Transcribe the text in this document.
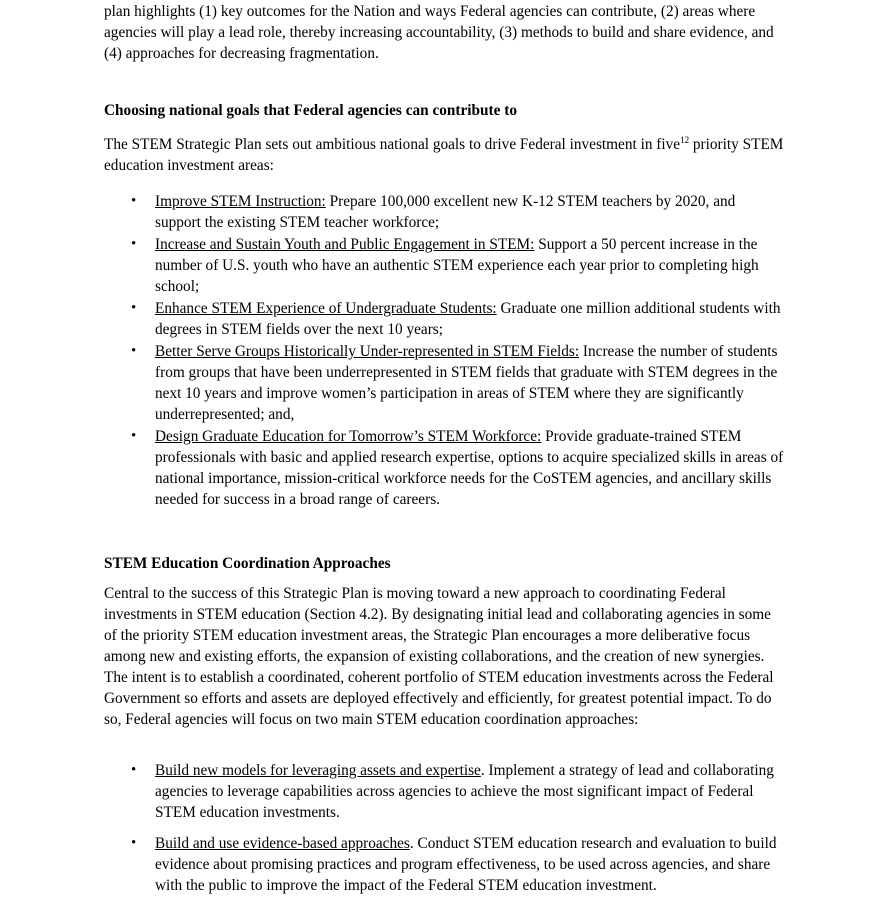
plan highlights (1) key outcomes for the Nation and ways Federal agencies can contribute, (2) areas where agencies will play a lead role, thereby increasing accountability, (3) methods to build and share evidence, and (4) approaches for decreasing fragmentation.

Choosing national goals that Federal agencies can contribute to

The STEM Strategic Plan sets out ambitious national goals to drive Federal investment in five$^{12}$ priority STEM education investment areas:

• Improve STEM Instruction: Prepare 100,000 excellent new K-12 STEM teachers by 2020, and support the existing STEM teacher workforce;
• Increase and Sustain Youth and Public Engagement in STEM: Support a 50 percent increase in the number of U.S. youth who have an authentic STEM experience each year prior to completing high school;
• Enhance STEM Experience of Undergraduate Students: Graduate one million additional students with degrees in STEM fields over the next 10 years;
• Better Serve Groups Historically Under-represented in STEM Fields: Increase the number of students from groups that have been underrepresented in STEM fields that graduate with STEM degrees in the next 10 years and improve women’s participation in areas of STEM where they are significantly underrepresented; and,
• Design Graduate Education for Tomorrow’s STEM Workforce: Provide graduate-trained STEM professionals with basic and applied research expertise, options to acquire specialized skills in areas of national importance, mission-critical workforce needs for the CoSTEM agencies, and ancillary skills needed for success in a broad range of careers.
STEM Education Coordination Approaches

Central to the success of this Strategic Plan is moving toward a new approach to coordinating Federal investments in STEM education (Section 4.2). By designating initial lead and collaborating agencies in some of the priority STEM education investment areas, the Strategic Plan encourages a more deliberative focus among new and existing efforts, the expansion of existing collaborations, and the creation of new synergies. The intent is to establish a coordinated, coherent portfolio of STEM education investments across the Federal Government so efforts and assets are deployed effectively and efficiently, for greatest potential impact. To do so, Federal agencies will focus on two main STEM education coordination approaches:

• Build new models for leveraging assets and expertise. Implement a strategy of lead and collaborating agencies to leverage capabilities across agencies to achieve the most significant impact of Federal STEM education investments.
• Build and use evidence-based approaches. Conduct STEM education research and evaluation to build evidence about promising practices and program effectiveness, to be used across agencies, and share with the public to improve the impact of the Federal STEM education investment.
